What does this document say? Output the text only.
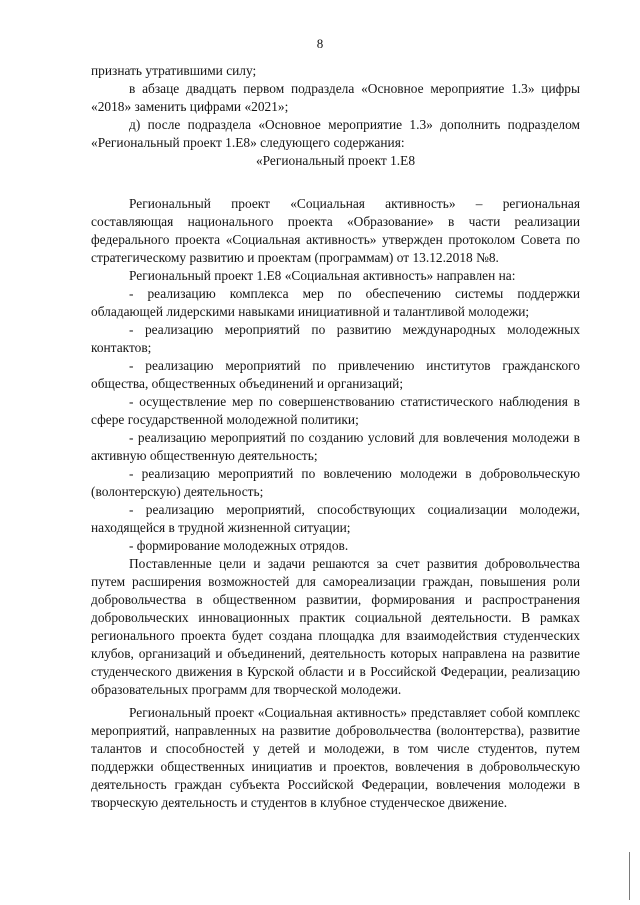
8

признать утратившими силу;

в абзаце двадцать первом подраздела «Основное мероприятие 1.3» цифры «2018» заменить цифрами «2021»;

д) после подраздела «Основное мероприятие 1.3» дополнить подразделом «Региональный проект 1.Е8» следующего содержания:

«Региональный проект 1.Е8

Региональный проект «Социальная активность» – региональная составляющая национального проекта «Образование» в части реализации федерального проекта «Социальная активность» утвержден протоколом Совета по стратегическому развитию и проектам (программам) от 13.12.2018 №8.

Региональный проект 1.Е8 «Социальная активность» направлен на:

- реализацию комплекса мер по обеспечению системы поддержки обладающей лидерскими навыками инициативной и талантливой молодежи;

- реализацию мероприятий по развитию международных молодежных контактов;

- реализацию мероприятий по привлечению институтов гражданского общества, общественных объединений и организаций;

- осуществление мер по совершенствованию статистического наблюдения в сфере государственной молодежной политики;

- реализацию мероприятий по созданию условий для вовлечения молодежи в активную общественную деятельность;

- реализацию мероприятий по вовлечению молодежи в добровольческую (волонтерскую) деятельность;

- реализацию мероприятий, способствующих социализации молодежи, находящейся в трудной жизненной ситуации;

- формирование молодежных отрядов.

Поставленные цели и задачи решаются за счет развития добровольчества путем расширения возможностей для самореализации граждан, повышения роли добровольчества в общественном развитии, формирования и распространения добровольческих инновационных практик социальной деятельности. В рамках регионального проекта будет создана площадка для взаимодействия студенческих клубов, организаций и объединений, деятельность которых направлена на развитие студенческого движения в Курской области и в Российской Федерации, реализацию образовательных программ для творческой молодежи.

Региональный проект «Социальная активность» представляет собой комплекс мероприятий, направленных на развитие добровольчества (волонтерства), развитие талантов и способностей у детей и молодежи, в том числе студентов, путем поддержки общественных инициатив и проектов, вовлечения в добровольческую деятельность граждан субъекта Российской Федерации, вовлечения молодежи в творческую деятельность и студентов в клубное студенческое движение.
